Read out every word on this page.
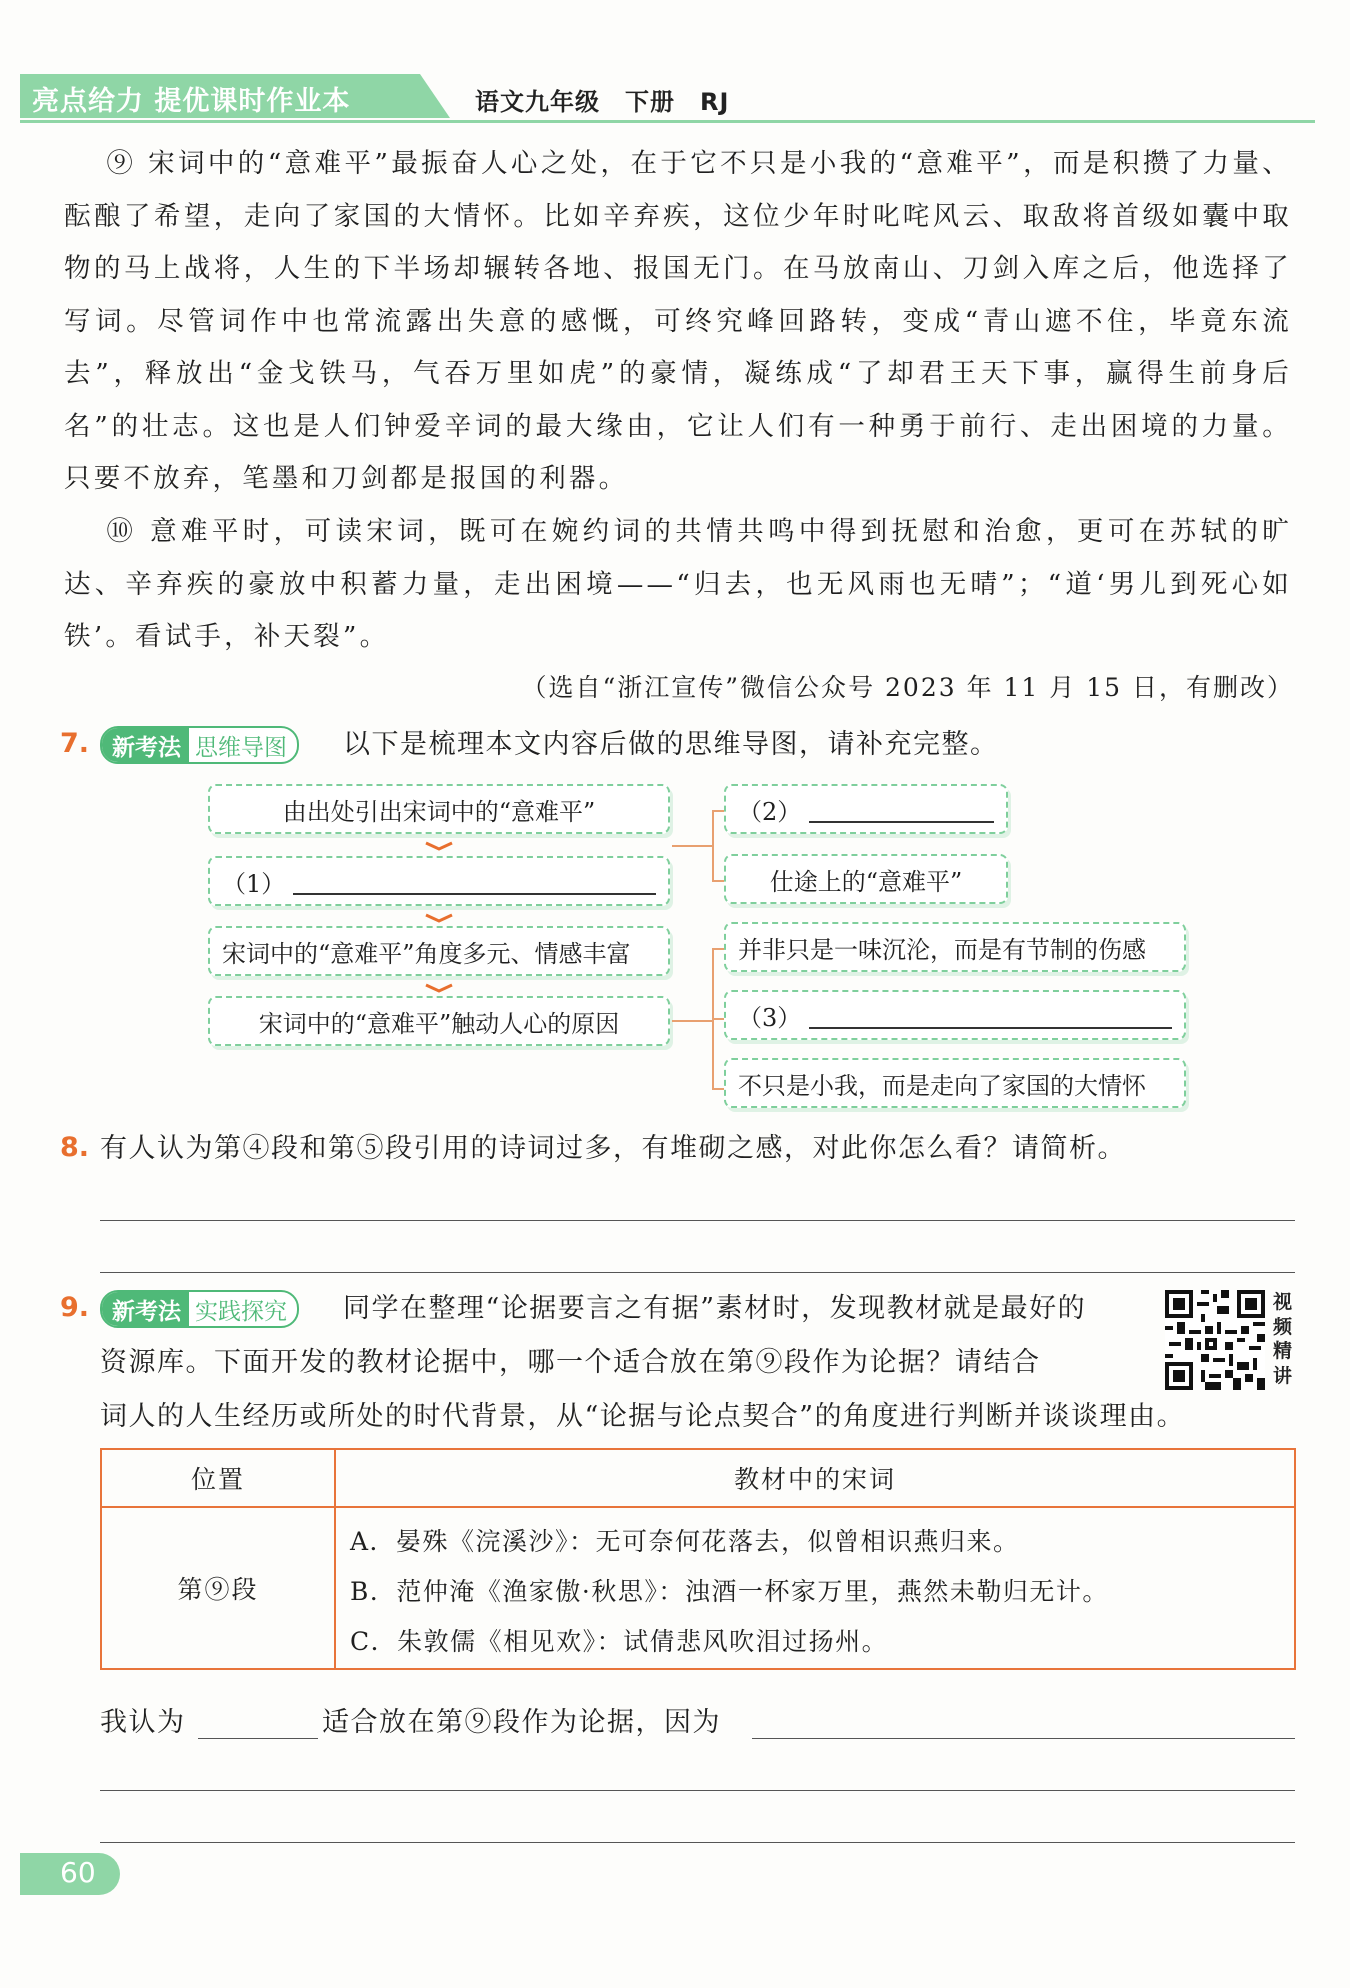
亮点给力 提优课时作业本	语文九年级　下册　RJ
⑨ 宋词中的“意难平”最振奋人心之处，在于它不只是小我的“意难平”，而是积攒了力量、酝酿了希望，走向了家国的大情怀。比如辛弃疾，这位少年时叱咤风云、取敌将首级如囊中取物的马上战将，人生的下半场却辗转各地、报国无门。在马放南山、刀剑入库之后，他选择了写词。尽管词作中也常流露出失意的感慨，可终究峰回路转，变成“青山遮不住，毕竟东流去”，释放出“金戈铁马，气吞万里如虎”的豪情，凝练成“了却君王天下事，赢得生前身后名”的壮志。这也是人们钟爱辛词的最大缘由，它让人们有一种勇于前行、走出困境的力量。只要不放弃，笔墨和刀剑都是报国的利器。
⑩ 意难平时，可读宋词，既可在婉约词的共情共鸣中得到抚慰和治愈，更可在苏轼的旷达、辛弃疾的豪放中积蓄力量，走出困境——“归去，也无风雨也无晴”；“道‘男儿到死心如铁’。看试手，补天裂”。
（选自“浙江宣传”微信公众号 2023 年 11 月 15 日，有删改）
7. 新考法 思维导图	以下是梳理本文内容后做的思维导图，请补充完整。
由出处引出宋词中的“意难平”
（1）
宋词中的“意难平”角度多元、情感丰富
宋词中的“意难平”触动人心的原因
（2）
仕途上的“意难平”
并非只是一味沉沦，而是有节制的伤感
（3）
不只是小我，而是走向了家国的大情怀
8. 有人认为第④段和第⑤段引用的诗词过多，有堆砌之感，对此你怎么看？请简析。
9. 新考法 实践探究	同学在整理“论据要言之有据”素材时，发现教材就是最好的
资源库。下面开发的教材论据中，哪一个适合放在第⑨段作为论据？请结合
词人的人生经历或所处的时代背景，从“论据与论点契合”的角度进行判断并谈谈理由。
视频精讲
位置	教材中的宋词
第⑨段
A．晏殊《浣溪沙》：无可奈何花落去，似曾相识燕归来。
B．范仲淹《渔家傲·秋思》：浊酒一杯家万里，燕然未勒归无计。
C．朱敦儒《相见欢》：试倩悲风吹泪过扬州。
我认为	适合放在第⑨段作为论据，因为
60
